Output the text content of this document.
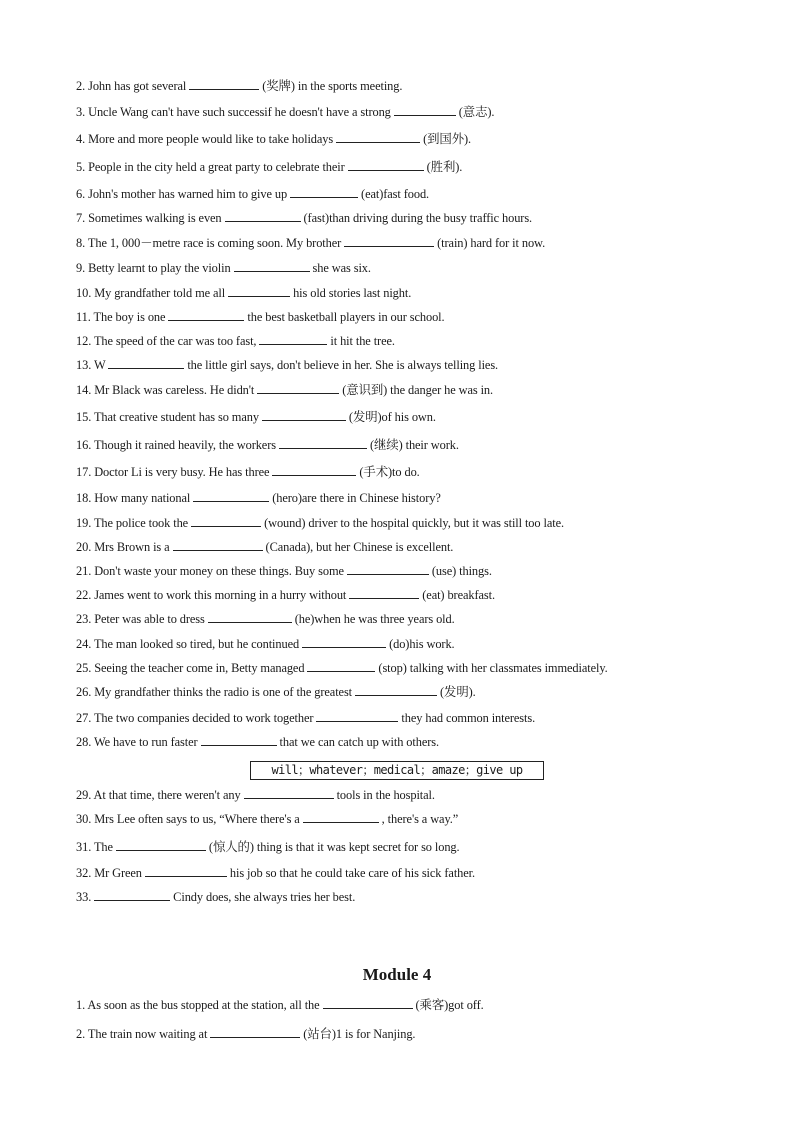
2. John has got several	(奖牌) in the sports meeting.
3. Uncle Wang can't have such successif he doesn't have a strong	(意志).
4. More and more people would like to take holidays	(到国外).
5. People in the city held a great party to celebrate their	(胜利).
6. John's mother has warned him to give up	(eat)fast food.
7. Sometimes walking is even	(fast)than driving during the busy traffic hours.
8. The 1, 000－metre race is coming soon. My brother	(train) hard for it now.
9. Betty learnt to play the violin	she was six.
10. My grandfather told me all	his old stories last night.
11. The boy is one	the best basketball players in our school.
12. The speed of the car was too fast,	it hit the tree.
13. W	the little girl says, don't believe in her. She is always telling lies.
14. Mr Black was careless. He didn't	(意识到) the danger he was in.
15. That creative student has so many	(发明)of his own.
16. Though it rained heavily, the workers	(继续) their work.
17. Doctor Li is very busy. He has three	(手术)to do.
18. How many national	(hero)are there in Chinese history?
19. The police took the	(wound) driver to the hospital quickly, but it was still too late.
20. Mrs Brown is a	(Canada), but her Chinese is excellent.
21. Don't waste your money on these things. Buy some	(use) things.
22. James went to work this morning in a hurry without	(eat) breakfast.
23. Peter was able to dress	(he)when he was three years old.
24. The man looked so tired, but he continued	(do)his work.
25. Seeing the teacher come in, Betty managed	(stop) talking with her classmates immediately.
26. My grandfather thinks the radio is one of the greatest	(发明).
27. The two companies decided to work together	they had common interests.
28. We have to run faster	that we can catch up with others.
29. At that time, there weren't any	tools in the hospital.
30. Mrs Lee often says to us, “Where there's a	, there's a way.”
31. The	(惊人的) thing is that it was kept secret for so long.
32. Mr Green	his job so that he could take care of his sick father.
33.	Cindy does, she always tries her best.
will；whatever；medical；amaze；give up
Module 4
1. As soon as the bus stopped at the station, all the	(乘客)got off.
2. The train now waiting at	(站台)1 is for Nanjing.
